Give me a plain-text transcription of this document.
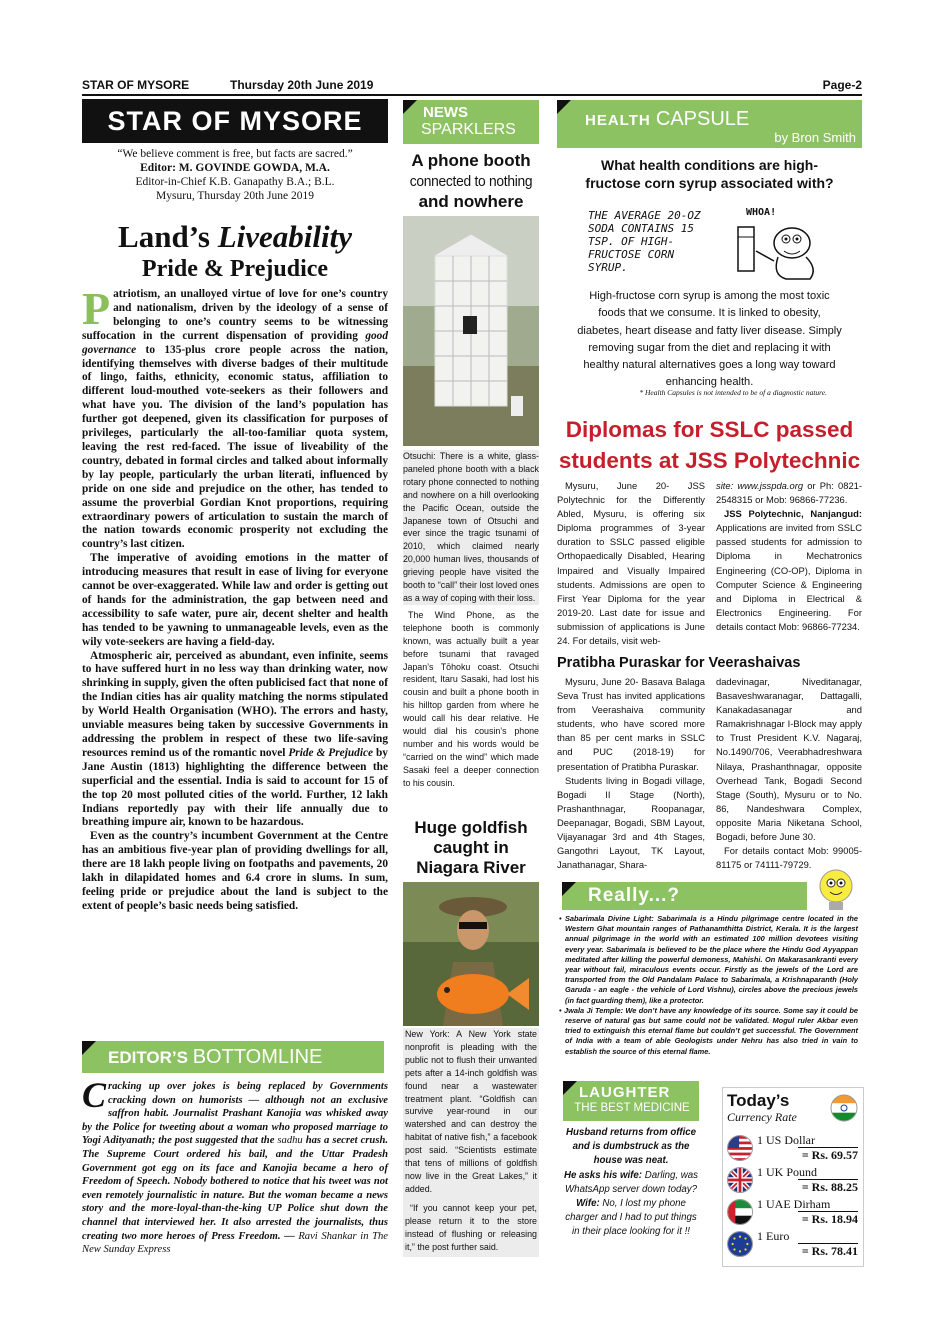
STAR OF MYSORE	Thursday 20th June 2019	Page-2
STAR OF MYSORE
“We believe comment is free, but facts are sacred.”
Editor: M. GOVINDE GOWDA, M.A.
Editor-in-Chief K.B. Ganapathy B.A.; B.L.
Mysuru, Thursday 20th June 2019
Land’s Liveability
Pride & Prejudice

Patriotism, an unalloyed virtue of love for one’s country and nationalism, driven by the ideology of a sense of belonging to one’s country seems to be witnessing suffocation in the current dispensation of providing good governance to 135-plus crore people across the nation, identifying themselves with diverse badges of their multitude of lingo, faiths, ethnicity, economic status, affiliation to different loud-mouthed vote-seekers as their followers and what have you. The division of the land’s population has further got deepened, given its classification for purposes of privileges, particularly the all-too-familiar quota system, leaving the rest red-faced. The issue of liveability of the country, debated in formal circles and talked about informally by lay people, particularly the urban literati, influenced by pride on one side and prejudice on the other, has tended to assume the proverbial Gordian Knot proportions, requiring extraordinary powers of articulation to sustain the march of the nation towards economic prosperity not excluding the country’s last citizen.

The imperative of avoiding emotions in the matter of introducing measures that result in ease of living for everyone cannot be over-exaggerated. While law and order is getting out of hands for the administration, the gap between need and accessibility to safe water, pure air, decent shelter and health has tended to be yawning to unmanageable levels, even as the wily vote-seekers are having a field-day.

Atmospheric air, perceived as abundant, even infinite, seems to have suffered hurt in no less way than drinking water, now shrinking in supply, given the often publicised fact that none of the Indian cities has air quality matching the norms stipulated by World Health Organisation (WHO). The errors and hasty, unviable measures being taken by successive Governments in addressing the problem in respect of these two life-saving resources remind us of the romantic novel Pride & Prejudice by Jane Austin (1813) highlighting the difference between the superficial and the essential. India is said to account for 15 of the top 20 most polluted cities of the world. Further, 12 lakh Indians reportedly pay with their life annually due to breathing impure air, known to be hazardous.

Even as the country’s incumbent Government at the Centre has an ambitious five-year plan of providing dwellings for all, there are 18 lakh people living on footpaths and pavements, 20 lakh in dilapidated homes and 6.4 crore in slums. In sum, feeling pride or prejudice about the land is subject to the extent of people’s basic needs being satisfied.

EDITOR’S BOTTOMLINE
Cracking up over jokes is being replaced by Governments cracking down on humorists — although not an exclusive saffron habit. Journalist Prashant Kanojia was whisked away by the Police for tweeting about a woman who proposed marriage to Yogi Adityanath; the post suggested that the sadhu has a secret crush. The Supreme Court ordered his bail, and the Uttar Pradesh Government got egg on its face and Kanojia became a hero of Freedom of Speech. Nobody bothered to notice that his tweet was not even remotely journalistic in nature. But the woman became a news story and the more-loyal-than-the-king UP Police shut down the channel that interviewed her. It also arrested the journalists, thus creating two more heroes of Press Freedom. — Ravi Shankar in The New Sunday Express
NEWS
SPARKLERS
A phone booth
connected to nothing
and nowhere

Otsuchi: There is a white, glass-paneled phone booth with a black rotary phone connected to nothing and nowhere on a hill overlooking the Pacific Ocean, outside the Japanese town of Otsuchi and ever since the tragic tsunami of 2010, which claimed nearly 20,000 human lives, thousands of grieving people have visited the booth to “call” their lost loved ones as a way of coping with their loss.

The Wind Phone, as the telephone booth is commonly known, was actually built a year before tsunami that ravaged Japan’s Tōhoku coast. Otsuchi resident, Itaru Sasaki, had lost his cousin and built a phone booth in his hilltop garden from where he would call his dear relative. He would dial his cousin’s phone number and his words would be “carried on the wind” which made Sasaki feel a deeper connection to his cousin.

Huge goldfish
caught in
Niagara River

New York: A New York state nonprofit is pleading with the public not to flush their unwanted pets after a 14-inch goldfish was found near a wastewater treatment plant. “Goldfish can survive year-round in our watershed and can destroy the habitat of native fish,” a facebook post said. “Scientists estimate that tens of millions of goldfish now live in the Great Lakes,” it added.

“If you cannot keep your pet, please return it to the store instead of flushing or releasing it,” the post further said.

HEALTH CAPSULE
by Bron Smith
What health conditions are high-fructose corn syrup associated with?
THE AVERAGE 20-OZ SODA CONTAINS 15 TSP. OF HIGH-FRUCTOSE CORN SYRUP.
WHOA!
High-fructose corn syrup is among the most toxic foods that we consume. It is linked to obesity, diabetes, heart disease and fatty liver disease. Simply removing sugar from the diet and replacing it with healthy natural alternatives goes a long way toward enhancing health.
* Health Capsules is not intended to be of a diagnostic nature.
Diplomas for SSLC passed
students at JSS Polytechnic
Mysuru, June 20- JSS Polytechnic for the Differently Abled, Mysuru, is offering six Diploma programmes of 3-year duration to SSLC passed eligible Orthopaedically Disabled, Hearing Impaired and Visually Impaired students. Admissions are open to First Year Diploma for the year 2019-20. Last date for issue and submission of applications is June 24. For details, visit web-
site: www.jsspda.org or Ph: 0821-2548315 or Mob: 96866-77236.
JSS Polytechnic, Nanjangud: Applications are invited from SSLC passed students for admission to Diploma in Mechatronics Engineering (CO-OP), Diploma in Computer Science & Engineering and Diploma in Electrical & Electronics Engineering. For details contact Mob: 96866-77234.
Pratibha Puraskar for Veerashaivas
Mysuru, June 20- Basava Balaga Seva Trust has invited applications from Veerashaiva community students, who have scored more than 85 per cent marks in SSLC and PUC (2018-19) for presentation of Pratibha Puraskar.
Students living in Bogadi village, Bogadi II Stage (North), Prashanthnagar, Roopanagar, Deepanagar, Bogadi, SBM Layout, Vijayanagar 3rd and 4th Stages, Gangothri Layout, TK Layout, Janathanagar, Shara-
dadevinagar, Niveditanagar, Basaveshwaranagar, Dattagalli, Kanakadasanagar and Ramakrishnagar I-Block may apply to Trust President K.V. Nagaraj, No.1490/706, Veerabhadreshwara Nilaya, Prashanthnagar, opposite Overhead Tank, Bogadi Second Stage (South), Mysuru or to No. 86, Nandeshwara Complex, opposite Maria Niketana School, Bogadi, before June 30.
For details contact Mob: 99005-81175 or 74111-79729.
Really...?
• Sabarimala Divine Light: Sabarimala is a Hindu pilgrimage centre located in the Western Ghat mountain ranges of Pathanamthitta District, Kerala. It is the largest annual pilgrimage in the world with an estimated 100 million devotees visiting every year. Sabarimala is believed to be the place where the Hindu God Ayyappan meditated after killing the powerful demoness, Mahishi. On Makarasankranti every year without fail, miraculous events occur. Firstly as the jewels of the Lord are transported from the Old Pandalam Palace to Sabarimala, a Krishnaparanth (Holy Garuda - an eagle - the vehicle of Lord Vishnu), circles above the precious jewels (in fact guarding them), like a protector.
• Jwala Ji Temple: We don’t have any knowledge of its source. Some say it could be reserve of natural gas but same could not be validated. Mogul ruler Akbar even tried to extinguish this eternal flame but couldn’t get successful. The Government of India with a team of able Geologists under Nehru has also tried in vain to establish the source of this eternal flame.
LAUGHTER
THE BEST MEDICINE
Husband returns from office and is dumbstruck as the house was neat.
He asks his wife: Darling, was WhatsApp server down today?
Wife: No, I lost my phone charger and I had to put things in their place looking for it !!
Today’s
Currency Rate
1 US Dollar
= Rs. 69.57
1 UK Pound
= Rs. 88.25
1 UAE Dirham
= Rs. 18.94
1 Euro
= Rs. 78.41
